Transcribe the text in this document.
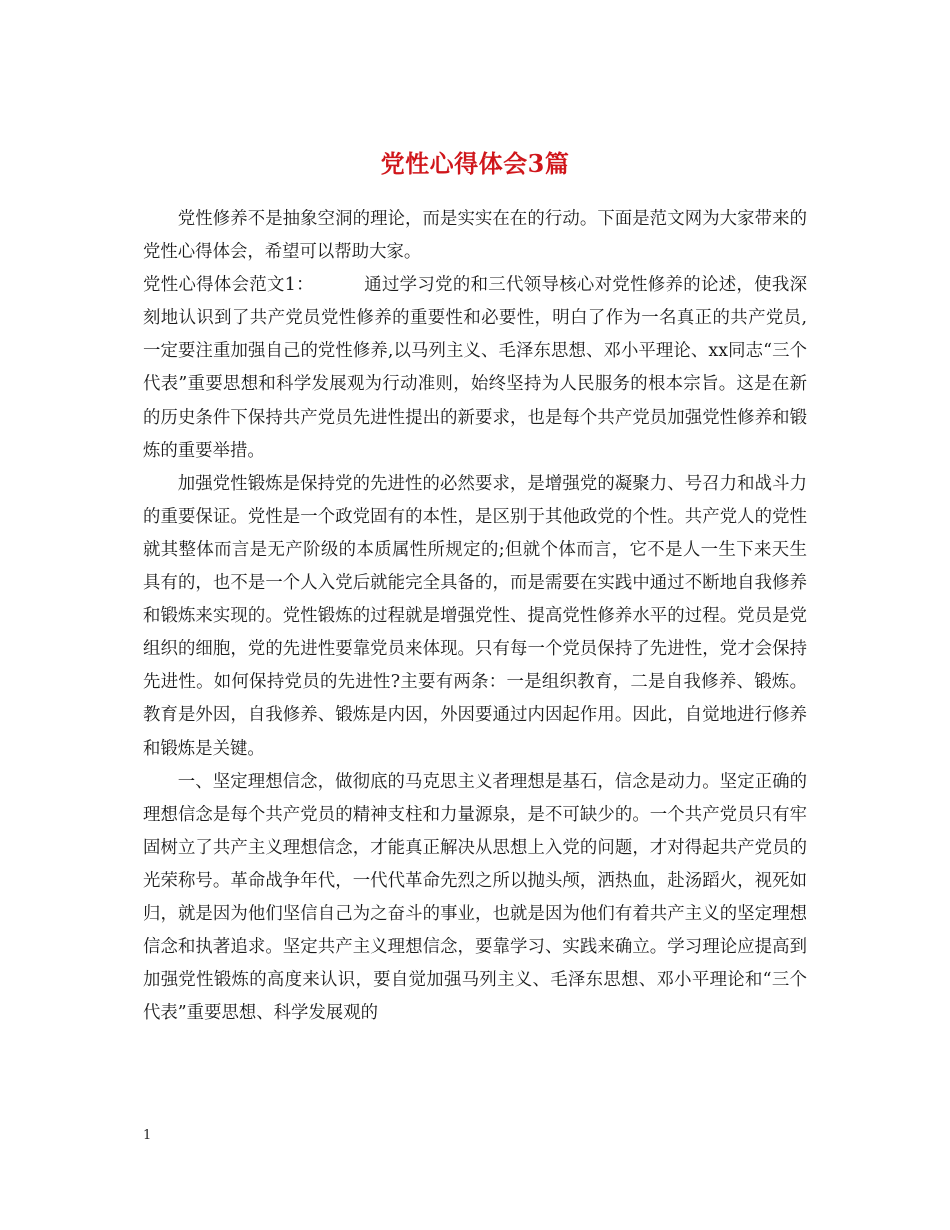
党性心得体会3篇

党性修养不是抽象空洞的理论，而是实实在在的行动。下面是范文网为大家带来的党性心得体会，希望可以帮助大家。

党性心得体会范文1：	通过学习党的和三代领导核心对党性修养的论述，使我深刻地认识到了共产党员党性修养的重要性和必要性，明白了作为一名真正的共产党员,一定要注重加强自己的党性修养,以马列主义、毛泽东思想、邓小平理论、xx同志“三个代表”重要思想和科学发展观为行动准则，始终坚持为人民服务的根本宗旨。这是在新的历史条件下保持共产党员先进性提出的新要求，也是每个共产党员加强党性修养和锻炼的重要举措。

加强党性锻炼是保持党的先进性的必然要求，是增强党的凝聚力、号召力和战斗力的重要保证。党性是一个政党固有的本性，是区别于其他政党的个性。共产党人的党性就其整体而言是无产阶级的本质属性所规定的;但就个体而言，它不是人一生下来天生具有的，也不是一个人入党后就能完全具备的，而是需要在实践中通过不断地自我修养和锻炼来实现的。党性锻炼的过程就是增强党性、提高党性修养水平的过程。党员是党组织的细胞，党的先进性要靠党员来体现。只有每一个党员保持了先进性，党才会保持先进性。如何保持党员的先进性?主要有两条：一是组织教育，二是自我修养、锻炼。教育是外因，自我修养、锻炼是内因，外因要通过内因起作用。因此，自觉地进行修养和锻炼是关键。

一、坚定理想信念，做彻底的马克思主义者理想是基石，信念是动力。坚定正确的理想信念是每个共产党员的精神支柱和力量源泉，是不可缺少的。一个共产党员只有牢固树立了共产主义理想信念，才能真正解决从思想上入党的问题，才对得起共产党员的光荣称号。革命战争年代，一代代革命先烈之所以抛头颅，洒热血，赴汤蹈火，视死如归，就是因为他们坚信自己为之奋斗的事业，也就是因为他们有着共产主义的坚定理想信念和执著追求。坚定共产主义理想信念，要靠学习、实践来确立。学习理论应提高到加强党性锻炼的高度来认识，要自觉加强马列主义、毛泽东思想、邓小平理论和“三个代表”重要思想、科学发展观的

1
